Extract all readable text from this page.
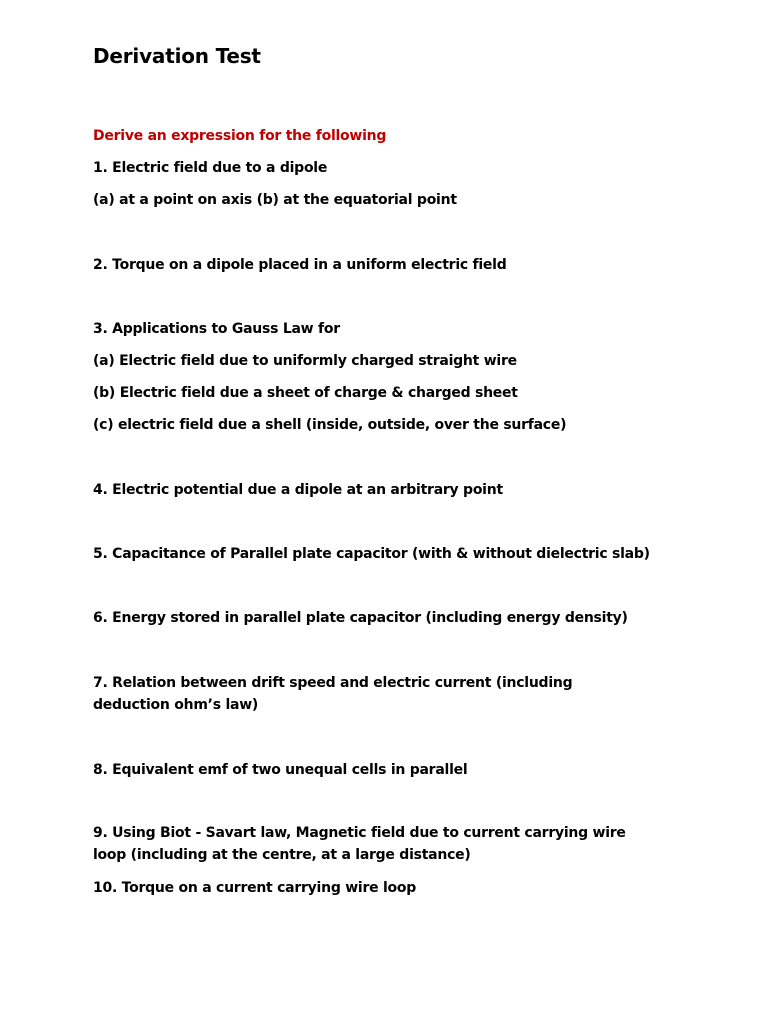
Derivation Test
Derive an expression for the following
1. Electric field due to a dipole
(a) at a point on axis (b) at the equatorial point
2. Torque on a dipole placed in a uniform electric field
3. Applications to Gauss Law for
(a) Electric field due to uniformly charged straight wire
(b) Electric field due a sheet of charge & charged sheet
(c) electric field due a shell (inside, outside, over the surface)
4. Electric potential due a dipole at an arbitrary point
5. Capacitance of Parallel plate capacitor (with & without dielectric slab)
6. Energy stored in parallel plate capacitor (including energy density)
7. Relation between drift speed and electric current (including deduction ohm’s law)
8. Equivalent emf of two unequal cells in parallel
9. Using Biot - Savart law, Magnetic field due to current carrying wire loop (including at the centre, at a large distance)
10. Torque on a current carrying wire loop
